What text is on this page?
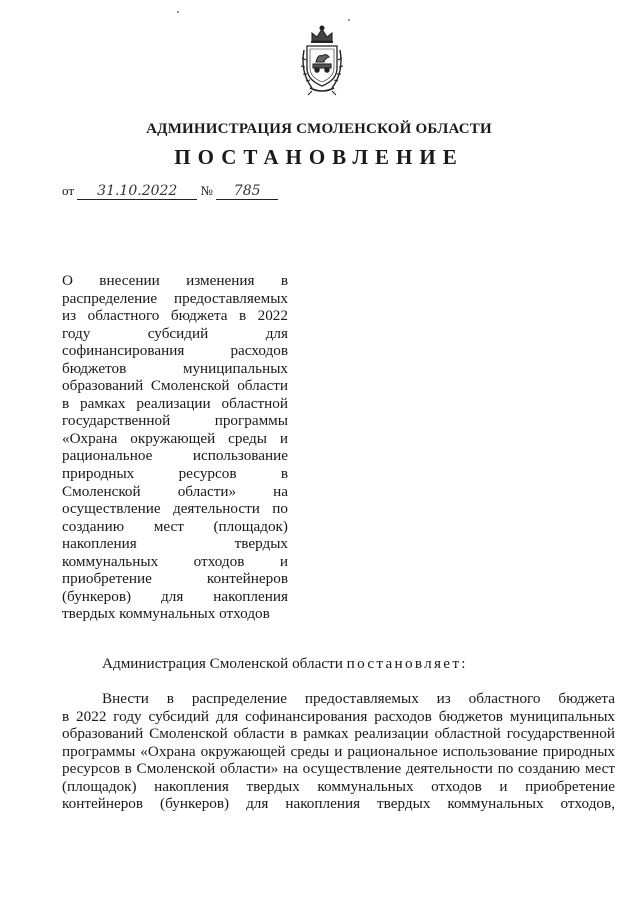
АДМИНИСТРАЦИЯ СМОЛЕНСКОЙ ОБЛАСТИ
ПОСТАНОВЛЕНИЕ
от 31.10.2022 № 785
О внесении изменения в
распределение предоставляемых
из областного бюджета в 2022
году субсидий для
софинансирования расходов
бюджетов муниципальных
образований Смоленской области
в рамках реализации областной
государственной программы
«Охрана окружающей среды и
рациональное использование
природных ресурсов в
Смоленской области» на
осуществление деятельности по
созданию мест (площадок)
накопления твердых
коммунальных отходов и
приобретение контейнеров
(бункеров) для накопления
твердых коммунальных отходов
Администрация Смоленской области постановляет:
Внести в распределение предоставляемых из областного бюджета
в 2022 году субсидий для софинансирования расходов бюджетов муниципальных
образований Смоленской области в рамках реализации областной государственной
программы «Охрана окружающей среды и рациональное использование природных
ресурсов в Смоленской области» на осуществление деятельности по созданию мест
(площадок) накопления твердых коммунальных отходов и приобретение
контейнеров (бункеров) для накопления твердых коммунальных отходов,
